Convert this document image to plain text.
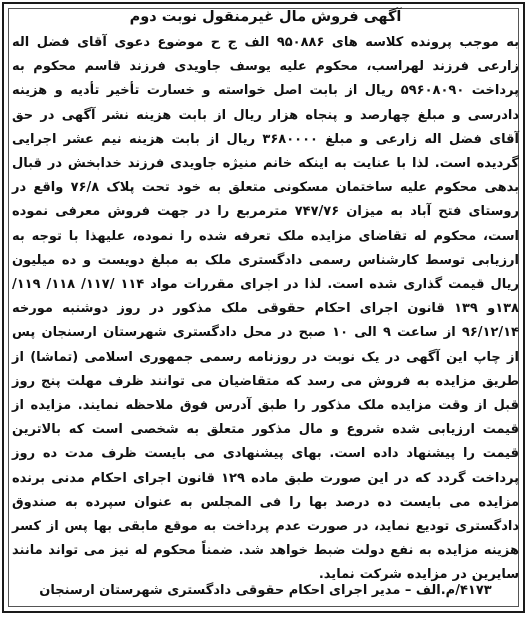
آگهی فروش مال غیرمنقول نوبت دوم
به موجب پرونده کلاسه های ۹۵۰۸۸۶ الف ج ح موضوع دعوی آقای فضل اله زارعی فرزند لهراسب، محکوم علیه یوسف جاویدی فرزند قاسم محکوم به پرداخت ۵۹۶۰۸۰۹۰ ریال از بابت اصل خواسته و خسارت تأخیر تأدیه و هزینه دادرسی و مبلغ چهارصد و پنجاه هزار ریال از بابت هزینه نشر آگهی در حق آقای فضل اله زارعی و مبلغ ۳۶۸۰۰۰۰ ریال از بابت هزینه نیم عشر اجرایی گردیده است. لذا با عنایت به اینکه خانم منیژه جاویدی فرزند خدابخش در قبال بدهی محکوم علیه ساختمان مسکونی متعلق به خود تحت پلاک ۷۶/۸ واقع در روستای فتح آباد به میزان ۷۴۷/۷۶ مترمربع را در جهت فروش معرفی نموده است، محکوم له تقاضای مزایده ملک تعرفه شده را نموده، علیهذا با توجه به ارزیابی توسط کارشناس رسمی دادگستری ملک به مبلغ دویست و ده میلیون ریال قیمت گذاری شده است. لذا در اجرای مقررات مواد ۱۱۴ /۱۱۷/ ۱۱۸/ ۱۱۹/ ۱۳۸و ۱۳۹ قانون اجرای احکام حقوقی ملک مذکور در روز دوشنبه مورخه ۹۶/۱۲/۱۴ از ساعت ۹ الی ۱۰ صبح در محل دادگستری شهرستان ارسنجان پس از چاپ این آگهی در یک نوبت در روزنامه رسمی جمهوری اسلامی (تماشا) از طریق مزایده به فروش می رسد که متقاضیان می توانند ظرف مهلت پنج روز قبل از وقت مزایده ملک مذکور را طبق آدرس فوق ملاحظه نمایند. مزایده از قیمت ارزیابی شده شروع و مال مذکور متعلق به شخصی است که بالاترین قیمت را پیشنهاد داده است. بهای پیشنهادی می بایست ظرف مدت ده روز پرداخت گردد که در این صورت طبق ماده ۱۲۹ قانون اجرای احکام مدنی برنده مزایده می بایست ده درصد بها را فی المجلس به عنوان سپرده به صندوق دادگستری تودیع نماید، در صورت عدم پرداخت به موقع مابقی بها پس از کسر هزینه مزایده به نفع دولت ضبط خواهد شد. ضمناً محکوم له نیز می تواند مانند سایرین در مزایده شرکت نماید.
۴۱۷۳/م.الف – مدیر اجرای احکام حقوقی دادگستری شهرستان ارسنجان
